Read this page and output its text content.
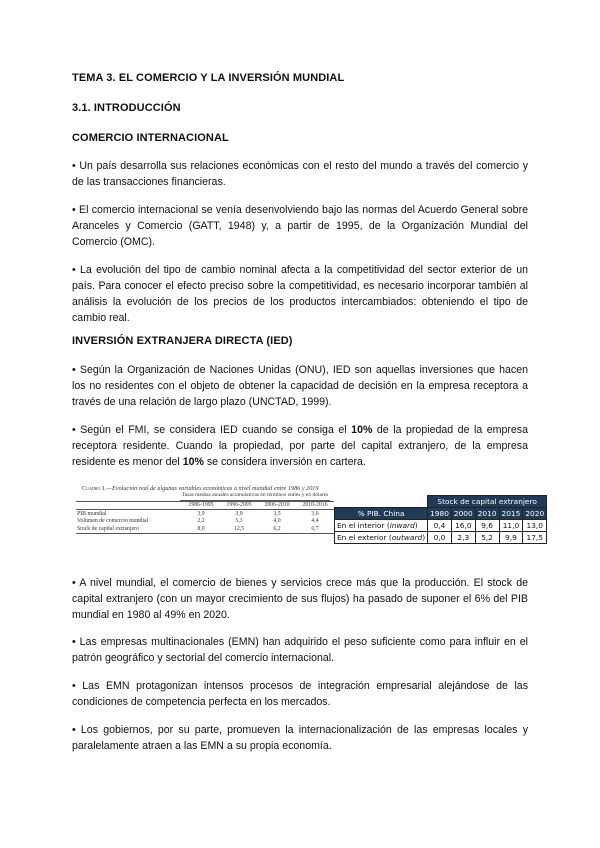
TEMA 3. EL COMERCIO Y LA INVERSIÓN MUNDIAL
3.1. INTRODUCCIÓN
COMERCIO INTERNACIONAL
• Un país desarrolla sus relaciones económicas con el resto del mundo a través del comercio y de las transacciones financieras.
• El comercio internacional se venía desenvolviendo bajo las normas del Acuerdo General sobre Aranceles y Comercio (GATT, 1948) y, a partir de 1995, de la Organización Mundial del Comercio (OMC).
• La evolución del tipo de cambio nominal afecta a la competitividad del sector exterior de un país. Para conocer el efecto preciso sobre la competitividad, es necesario incorporar también al análisis la evolución de los precios de los productos intercambiados: obteniendo el tipo de cambio real.
INVERSIÓN EXTRANJERA DIRECTA (IED)
• Según la Organización de Naciones Unidas (ONU), IED son aquellas inversiones que hacen los no residentes con el objeto de obtener la capacidad de decisión en la empresa receptora a través de una relación de largo plazo (UNCTAD, 1999).
• Según el FMI, se considera IED cuando se consiga el 10% de la propiedad de la empresa receptora residente. Cuando la propiedad, por parte del capital extranjero, de la empresa residente es menor del 10% se considera inversión en cartera.
Cuadro 1.—Evolución real de algunas variables económicas a nivel mundial entre 1986 y 2019
Tasas medias anuales acumulativas en términos reales y en dólares
	1986-1995	1996-2005	2006-2010	2010-2016
PIB mundial	3,9	3,9	3,5	3,6
Volumen de comercio mundial	2,2	5,3	4,0	4,4
Stock de capital extranjero	8,0	12,5	6,2	6,7
	Stock de capital extranjero				
% PIB. China	1980	2000	2010	2015	2020
En el interior (inward)	0,4	16,0	9,6	11,0	13,0
En el exterior (outward)	0,0	2,3	5,2	9,9	17,5
• A nivel mundial, el comercio de bienes y servicios crece más que la producción. El stock de capital extranjero (con un mayor crecimiento de sus flujos) ha pasado de suponer el 6% del PIB mundial en 1980 al 49% en 2020.
• Las empresas multinacionales (EMN) han adquirido el peso suficiente como para influir en el patrón geográfico y sectorial del comercio internacional.
• Las EMN protagonizan intensos procesos de integración empresarial alejándose de las condiciones de competencia perfecta en los mercados.
• Los gobiernos, por su parte, promueven la internacionalización de las empresas locales y paralelamente atraen a las EMN a su propia economía.
